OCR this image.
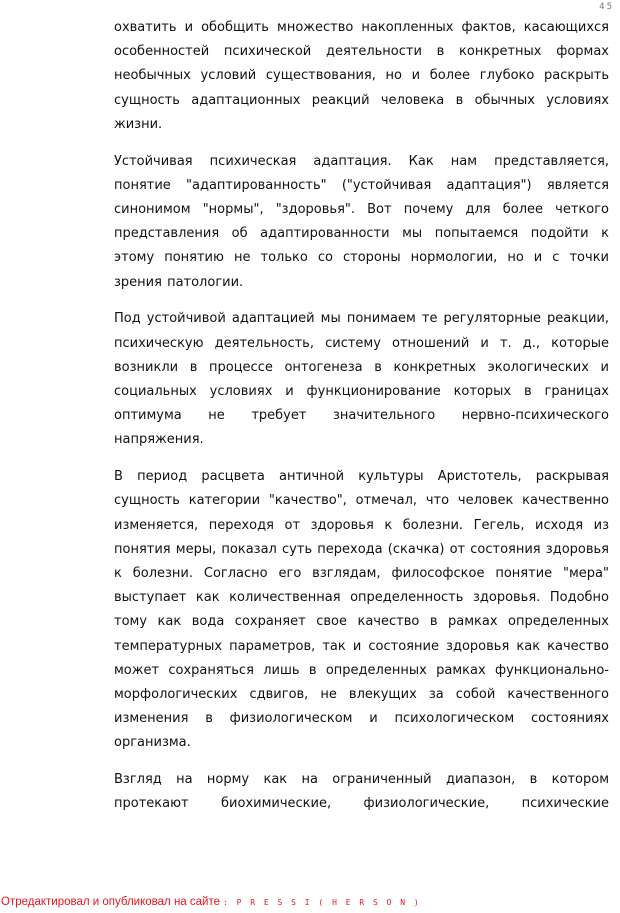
45

охватить и обобщить множество накопленных фактов, касающихся особенностей психической деятельности в конкретных формах необычных условий существования, но и более глубоко раскрыть сущность адаптационных реакций человека в обычных условиях жизни.

Устойчивая психическая адаптация. Как нам представляется, понятие "адаптированность" ("устойчивая адаптация") является синонимом "нормы", "здоровья". Вот почему для более четкого представления об адаптированности мы попытаемся подойти к этому понятию не только со стороны нормологии, но и с точки зрения патологии.

Под устойчивой адаптацией мы понимаем те регуляторные реакции, психическую деятельность, систему отношений и т. д., которые возникли в процессе онтогенеза в конкретных экологических и социальных условиях и функционирование которых в границах оптимума не требует значительного нервно-психического напряжения.

В период расцвета античной культуры Аристотель, раскрывая сущность категории "качество", отмечал, что человек качественно изменяется, переходя от здоровья к болезни. Гегель, исходя из понятия меры, показал суть перехода (скачка) от состояния здоровья к болезни. Согласно его взглядам, философское понятие "мера" выступает как количественная определенность здоровья. Подобно тому как вода сохраняет свое качество в рамках определенных температурных параметров, так и состояние здоровья как качество может сохраняться лишь в определенных рамках функционально-морфологических сдвигов, не влекущих за собой качественного изменения в физиологическом и психологическом состояниях организма.

Взгляд на норму как на ограниченный диапазон, в котором протекают биохимические, физиологические, психические

Отредактировал и опубликовал на сайте : P R E S S I ( H E R S O N )
